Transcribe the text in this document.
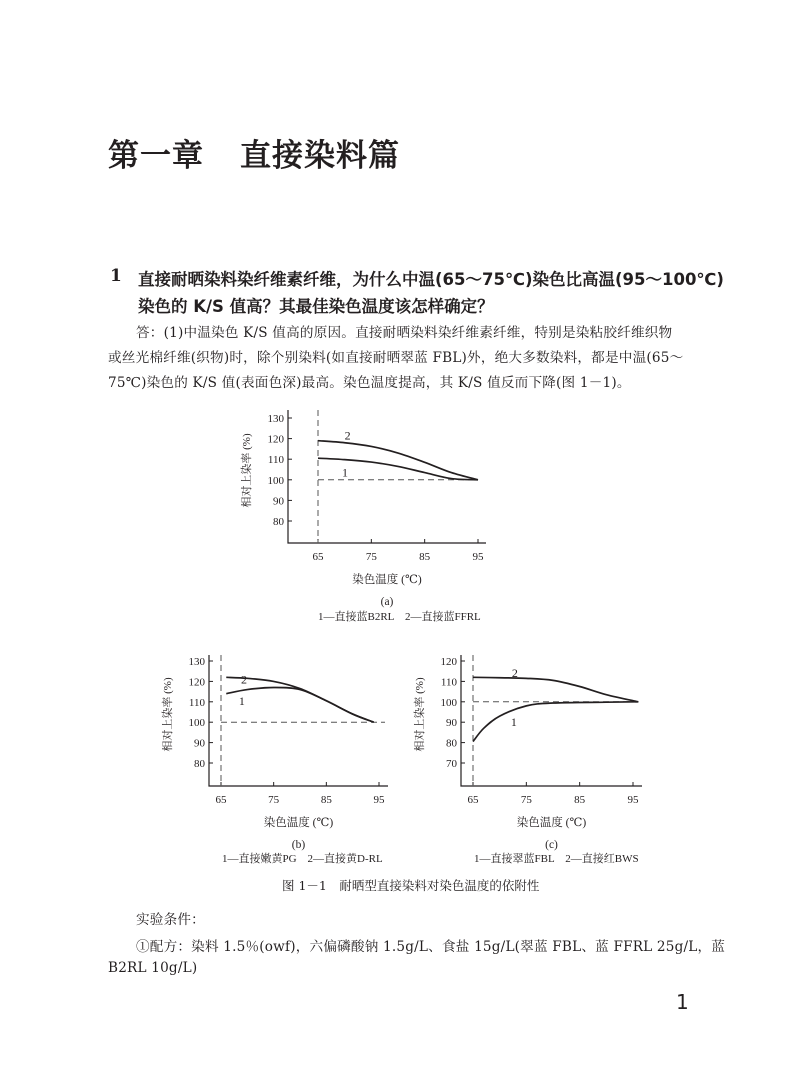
第一章 直接染料篇
1 直接耐晒染料染纤维素纤维，为什么中温(65～75℃)染色比高温(95～100℃)
染色的 K/S 值高？其最佳染色温度该怎样确定？
答：(1)中温染色 K/S 值高的原因。直接耐晒染料染纤维素纤维，特别是染粘胶纤维织物
或丝光棉纤维(织物)时，除个别染料(如直接耐晒翠蓝 FBL)外，绝大多数染料，都是中温(65～
75℃)染色的 K/S 值(表面色深)最高。染色温度提高，其 K/S 值反而下降(图 1－1)。
80
90
100
110
120
130
65	75	85	95
1
2
染色温度 (℃)
(a)
相对上染率 (%)
1—直接蓝B2RL　2—直接蓝FFRL
80
90
100
110
120
130
65	75	85	95
1
2
染色温度 (℃)
(b)
相对上染率 (%)
1—直接嫩黄PG　2—直接黄D-RL
70
80
90
100
110
120
65	75	85	95
1
2
染色温度 (℃)
(c)
相对上染率 (%)
1—直接翠蓝FBL　2—直接红BWS
图 1－1　耐晒型直接染料对染色温度的依附性
实验条件：
①配方：染料 1.5％(owf)，六偏磷酸钠 1.5g/L、食盐 15g/L(翠蓝 FBL、蓝 FFRL 25g/L，蓝
B2RL 10g/L)
1
